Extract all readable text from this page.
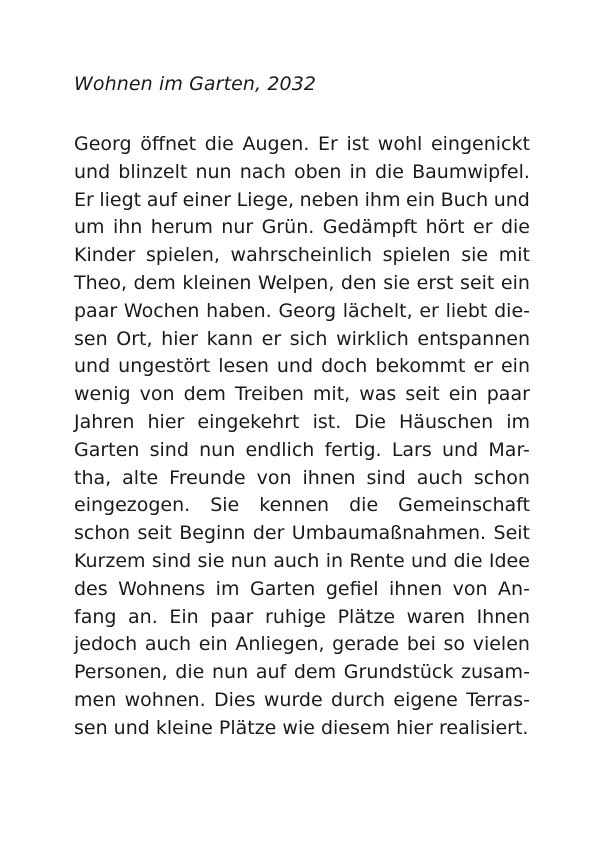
Wohnen im Garten, 2032
Georg öffnet die Augen. Er ist wohl eingenickt
und blinzelt nun nach oben in die Baumwipfel.
Er liegt auf einer Liege, neben ihm ein Buch und
um ihn herum nur Grün. Gedämpft hört er die
Kinder spielen, wahrscheinlich spielen sie mit
Theo, dem kleinen Welpen, den sie erst seit ein
paar Wochen haben. Georg lächelt, er liebt die-
sen Ort, hier kann er sich wirklich entspannen
und ungestört lesen und doch bekommt er ein
wenig von dem Treiben mit, was seit ein paar
Jahren hier eingekehrt ist. Die Häuschen im
Garten sind nun endlich fertig. Lars und Mar-
tha, alte Freunde von ihnen sind auch schon
eingezogen. Sie kennen die Gemeinschaft
schon seit Beginn der Umbaumaßnahmen. Seit
Kurzem sind sie nun auch in Rente und die Idee
des Wohnens im Garten gefiel ihnen von An-
fang an. Ein paar ruhige Plätze waren Ihnen
jedoch auch ein Anliegen, gerade bei so vielen
Personen, die nun auf dem Grundstück zusam-
men wohnen. Dies wurde durch eigene Terras-
sen und kleine Plätze wie diesem hier realisiert.
